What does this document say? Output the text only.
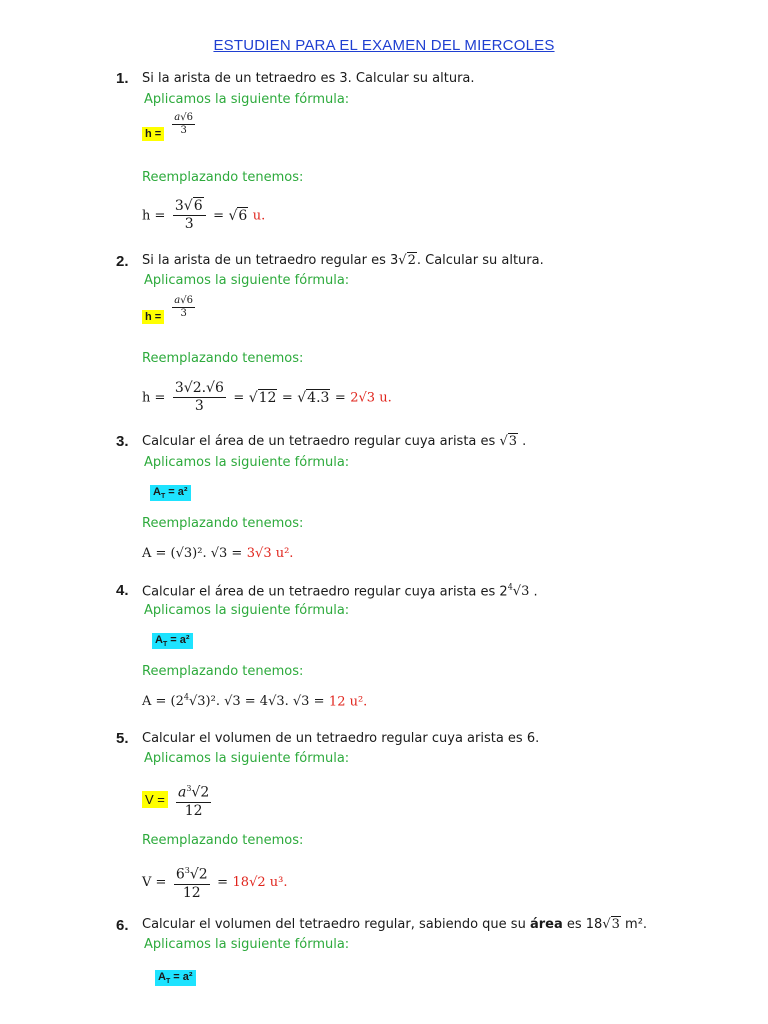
ESTUDIEN PARA EL EXAMEN DEL MIERCOLES
1. Si la arista de un tetraedro es 3. Calcular su altura.
Aplicamos la siguiente fórmula:
$h = \frac{a√6}{3}$
Reemplazando tenemos:
$h = \frac{3√6}{3} = √6$ u.
2. Si la arista de un tetraedro regular es 3√2. Calcular su altura.
Aplicamos la siguiente fórmula:
$h = \frac{a√6}{3}$
Reemplazando tenemos:
$h = \frac{3√2.√6}{3} = √12 = √4.3 = 2√3$ u.
3. Calcular el área de un tetraedro regular cuya arista es √3 .
Aplicamos la siguiente fórmula:
$A_T = a^2$
Reemplazando tenemos:
A = (√3)². √3 = 3√3 u².
4. Calcular el área de un tetraedro regular cuya arista es $2^4√3$ .
Aplicamos la siguiente fórmula:
$A_T = a^2$
Reemplazando tenemos:
$A = (2^4√3)^2$. √3 = 4√3. √3 = 12 u².
5. Calcular el volumen de un tetraedro regular cuya arista es 6.
Aplicamos la siguiente fórmula:
$V = \frac{a^3√2}{12}$
Reemplazando tenemos:
$V = \frac{6^3√2}{12} = 18√2$ u³.
6. Calcular el volumen del tetraedro regular, sabiendo que su área es 18√3 m².
Aplicamos la siguiente fórmula:
$A_T = a^2$
